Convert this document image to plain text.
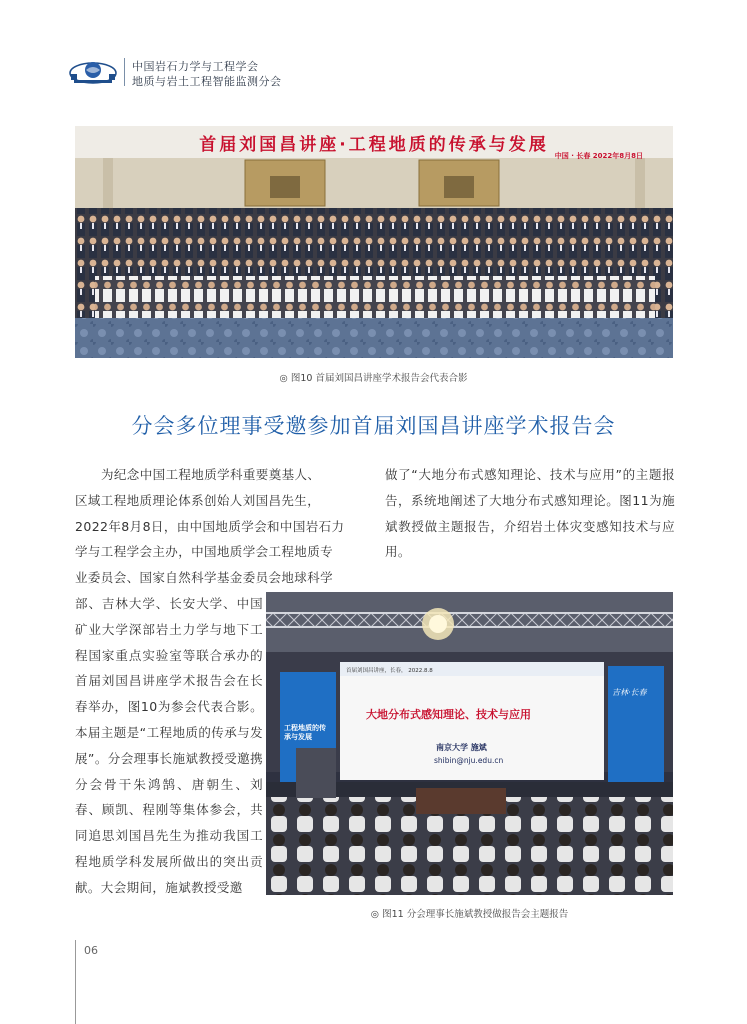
中国岩石力学与工程学会
地质与岩土工程智能监测分会
首届刘国昌讲座·工程地质的传承与发展
中国 · 长春 2022年8月8日
◎ 图10 首届刘国昌讲座学术报告会代表合影
分会多位理事受邀参加首届刘国昌讲座学术报告会
为纪念中国工程地质学科重要奠基人、
区域工程地质理论体系创始人刘国昌先生，
2022年8月8日，由中国地质学会和中国岩石力
学与工程学会主办，中国地质学会工程地质专
业委员会、国家自然科学基金委员会地球科学
部、吉林大学、长安大学、中国矿业大学深部岩土力学与地下工程国家重点实验室等联合承办的首届刘国昌讲座学术报告会在长春举办，图10为参会代表合影。本届主题是“工程地质的传承与发展”。分会理事长施斌教授受邀携分会骨干朱鸿鹄、唐朝生、刘春、顾凯、程刚等集体参会，共同追思刘国昌先生为推动我国工程地质学科发展所做出的突出贡献。大会期间，施斌教授受邀
做了“大地分布式感知理论、技术与应用”的主题报告，系统地阐述了大地分布式感知理论。图11为施斌教授做主题报告，介绍岩土体灾变感知技术与应用。
首届刘国昌讲座，长春， 2022.8.8
大地分布式感知理论、技术与应用
南京大学 施斌
shibin@nju.edu.cn
工程地质的传承与发展
吉林·长春
◎ 图11 分会理事长施斌教授做报告会主题报告
06
